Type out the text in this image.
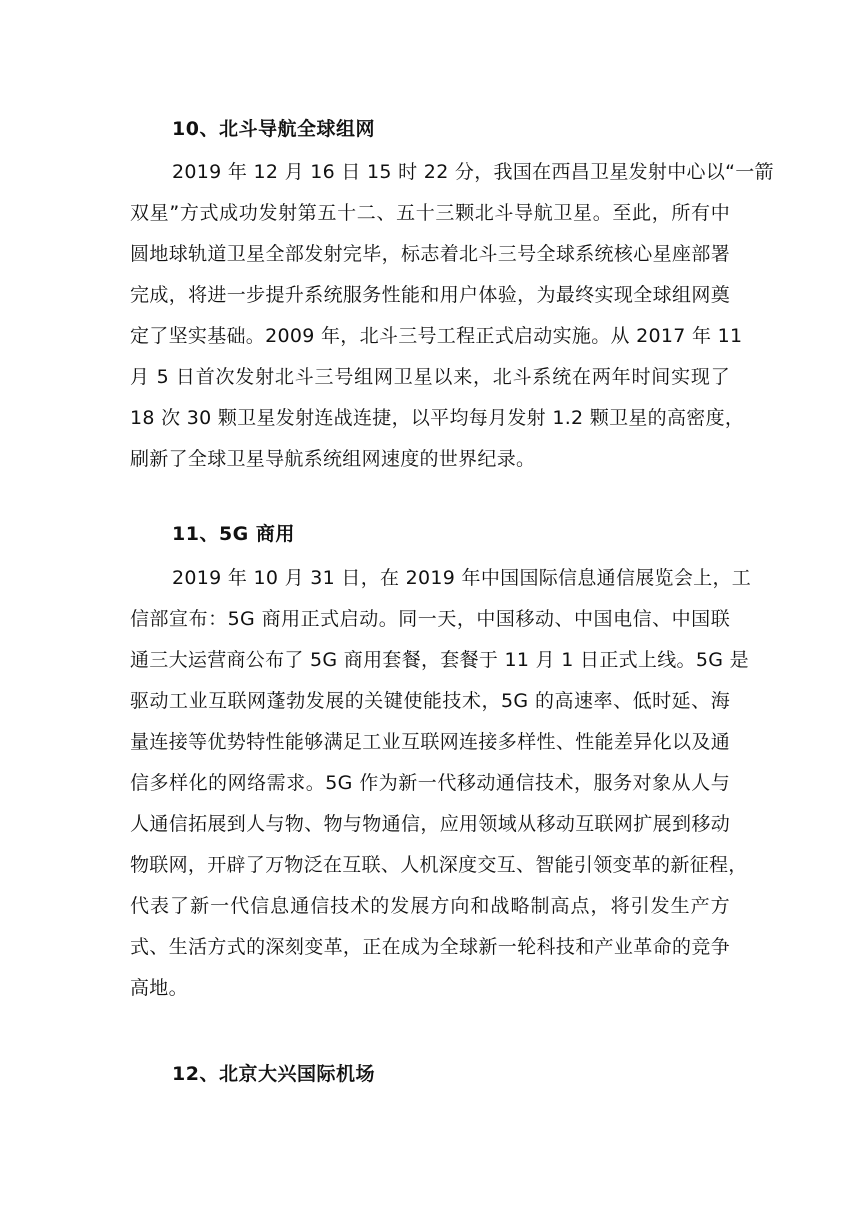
10、北斗导航全球组网
2019 年 12 月 16 日 15 时 22 分，我国在西昌卫星发射中心以“一箭
双星”方式成功发射第五十二、五十三颗北斗导航卫星。至此，所有中
圆地球轨道卫星全部发射完毕，标志着北斗三号全球系统核心星座部署
完成，将进一步提升系统服务性能和用户体验，为最终实现全球组网奠
定了坚实基础。2009 年，北斗三号工程正式启动实施。从 2017 年 11
月 5 日首次发射北斗三号组网卫星以来，北斗系统在两年时间实现了
18 次 30 颗卫星发射连战连捷，以平均每月发射 1.2 颗卫星的高密度，
刷新了全球卫星导航系统组网速度的世界纪录。
11、5G 商用
2019 年 10 月 31 日，在 2019 年中国国际信息通信展览会上，工
信部宣布：5G 商用正式启动。同一天，中国移动、中国电信、中国联
通三大运营商公布了 5G 商用套餐，套餐于 11 月 1 日正式上线。5G 是
驱动工业互联网蓬勃发展的关键使能技术，5G 的高速率、低时延、海
量连接等优势特性能够满足工业互联网连接多样性、性能差异化以及通
信多样化的网络需求。5G 作为新一代移动通信技术，服务对象从人与
人通信拓展到人与物、物与物通信，应用领域从移动互联网扩展到移动
物联网，开辟了万物泛在互联、人机深度交互、智能引领变革的新征程，
代表了新一代信息通信技术的发展方向和战略制高点，将引发生产方
式、生活方式的深刻变革，正在成为全球新一轮科技和产业革命的竞争
高地。
12、北京大兴国际机场
